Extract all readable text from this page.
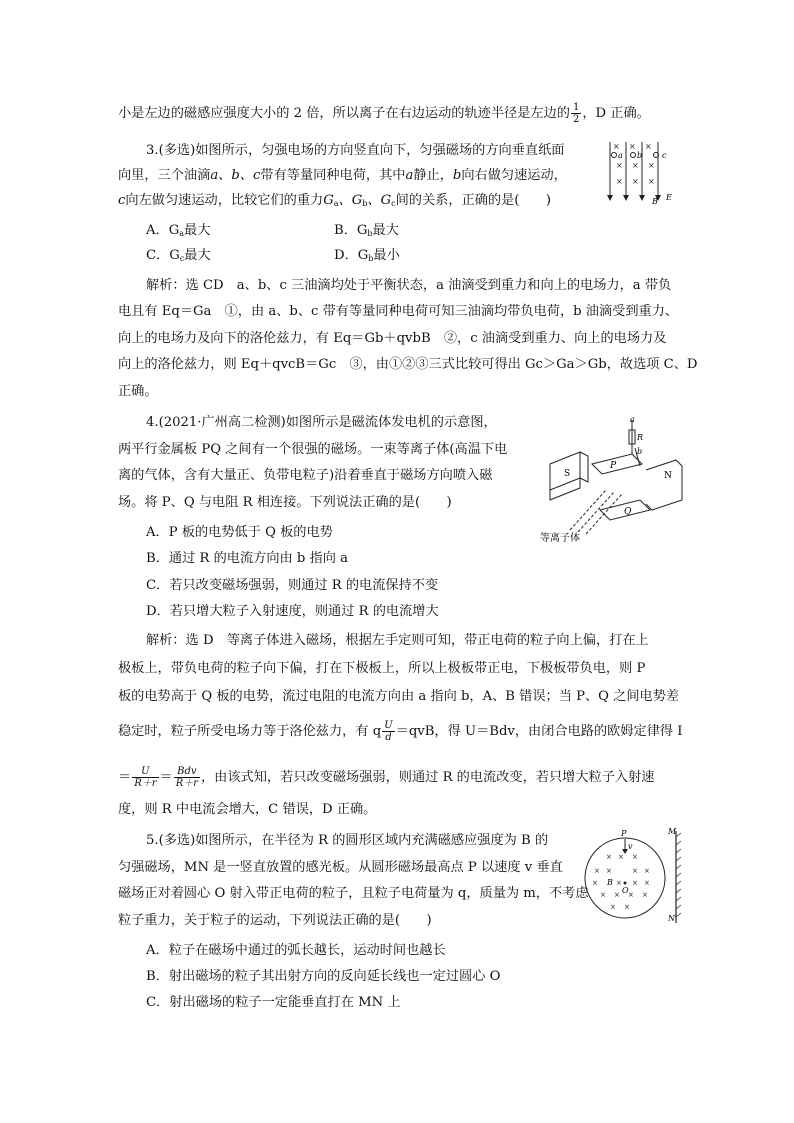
小是左边的磁感应强度大小的 2 倍，所以离子在右边运动的轨迹半径是左边的 $\frac{1}{2}$ ，D 正确。
3.(多选)如图所示，匀强电场的方向竖直向下，匀强磁场的方向垂直纸面
向里，三个油滴a、b、c带有等量同种电荷，其中a静止，b向右做匀速运动，
c向左做匀速运动，比较它们的重力$G_a$、$G_b$、$G_c$间的关系，正确的是(　　)
A．$G_a$最大	B．$G_b$最大
C．$G_c$最大	D．$G_b$最小
解析：选 CD　a、b、c 三油滴均处于平衡状态，a 油滴受到重力和向上的电场力，a 带负
电且有 Eq＝Ga　①，由 a、b、c 带有等量同种电荷可知三油滴均带负电荷，b 油滴受到重力、
向上的电场力及向下的洛伦兹力，有 Eq＝Gb＋qvbB　②，c 油滴受到重力、向上的电场力及
向上的洛伦兹力，则 Eq＋qvcB＝Gc　③，由①②③三式比较可得出 Gc＞Ga＞Gb，故选项 C、D
正确。
× × ×
× × ×
× × ×
a b c
B E
4.(2021·广州高二检测)如图所示是磁流体发电机的示意图，
两平行金属板 PQ 之间有一个很强的磁场。一束等离子体(高温下电
离的气体，含有大量正、负带电粒子)沿着垂直于磁场方向喷入磁
场。将 P、Q 与电阻 R 相连接。下列说法正确的是(　　)
A．P 板的电势低于 Q 板的电势
B．通过 R 的电流方向由 b 指向 a
C．若只改变磁场强弱，则通过 R 的电流保持不变
D．若只增大粒子入射速度，则通过 R 的电流增大
解析：选 D　等离子体进入磁场，根据左手定则可知，带正电荷的粒子向上偏，打在上
极板上，带负电荷的粒子向下偏，打在下极板上，所以上极板带正电，下极板带负电，则 P
板的电势高于 Q 板的电势，流过电阻的电流方向由 a 指向 b，A、B 错误；当 P、Q 之间电势差
稳定时，粒子所受电场力等于洛伦兹力，有 q $\frac{U}{d} =qvB$，得 U＝Bdv，由闭合电路的欧姆定律得 I
＝ $\frac{U}{R+r} = \frac{\text{Bdv}}{R+r}$ ，由该式知，若只改变磁场强弱，则通过 R 的电流改变，若只增大粒子入射速
度，则 R 中电流会增大，C 错误，D 正确。
a
R
b
S
P
N
Q
等离子体
5.(多选)如图所示，在半径为 R 的圆形区域内充满磁感应强度为 B 的
匀强磁场，MN 是一竖直放置的感光板。从圆形磁场最高点 P 以速度 v 垂直
磁场正对着圆心 O 射入带正电荷的粒子，且粒子电荷量为 q，质量为 m，不考虑
粒子重力，关于粒子的运动，下列说法正确的是(　　)
A．粒子在磁场中通过的弧长越长，运动时间也越长
B．射出磁场的粒子其出射方向的反向延长线也一定过圆心 O
C．射出磁场的粒子一定能垂直打在 MN 上
× × ×
× ×	× ×
×	× × ×
× × × ×
× ×
P
v
B
O
M
N
